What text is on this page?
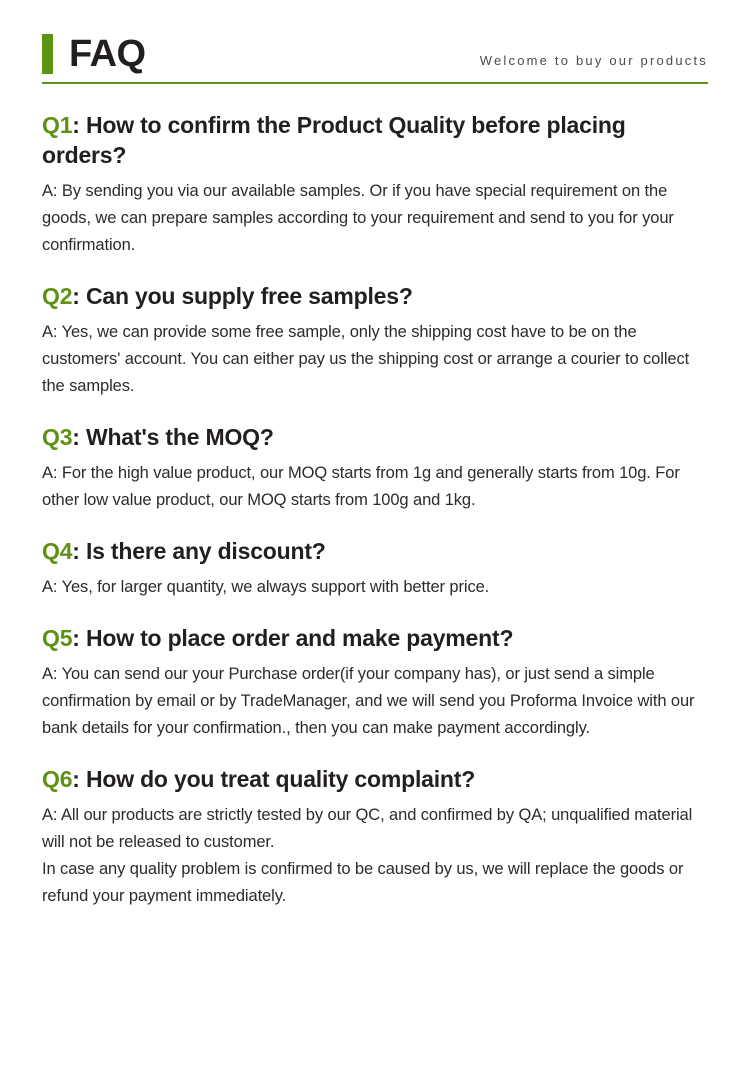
FAQ	Welcome to buy our products

Q1: How to confirm the Product Quality before placing orders?

A: By sending you via our available samples. Or if you have special requirement on the goods, we can prepare samples according to your requirement and send to you for your confirmation.

Q2: Can you supply free samples?

A: Yes, we can provide some free sample, only the shipping cost have to be on the customers' account. You can either pay us the shipping cost or arrange a courier to collect the samples.

Q3: What's the MOQ?

A: For the high value product, our MOQ starts from 1g and generally starts from 10g. For other low value product, our MOQ starts from 100g and 1kg.

Q4: Is there any discount?

A: Yes, for larger quantity, we always support with better price.

Q5: How to place order and make payment?

A: You can send our your Purchase order(if your company has), or just send a simple confirmation by email or by TradeManager, and we will send you Proforma Invoice with our bank details for your confirmation., then you can make payment accordingly.

Q6: How do you treat quality complaint?

A: All our products are strictly tested by our QC, and confirmed by QA; unqualified material will not be released to customer.

In case any quality problem is confirmed to be caused by us, we will replace the goods or refund your payment immediately.
